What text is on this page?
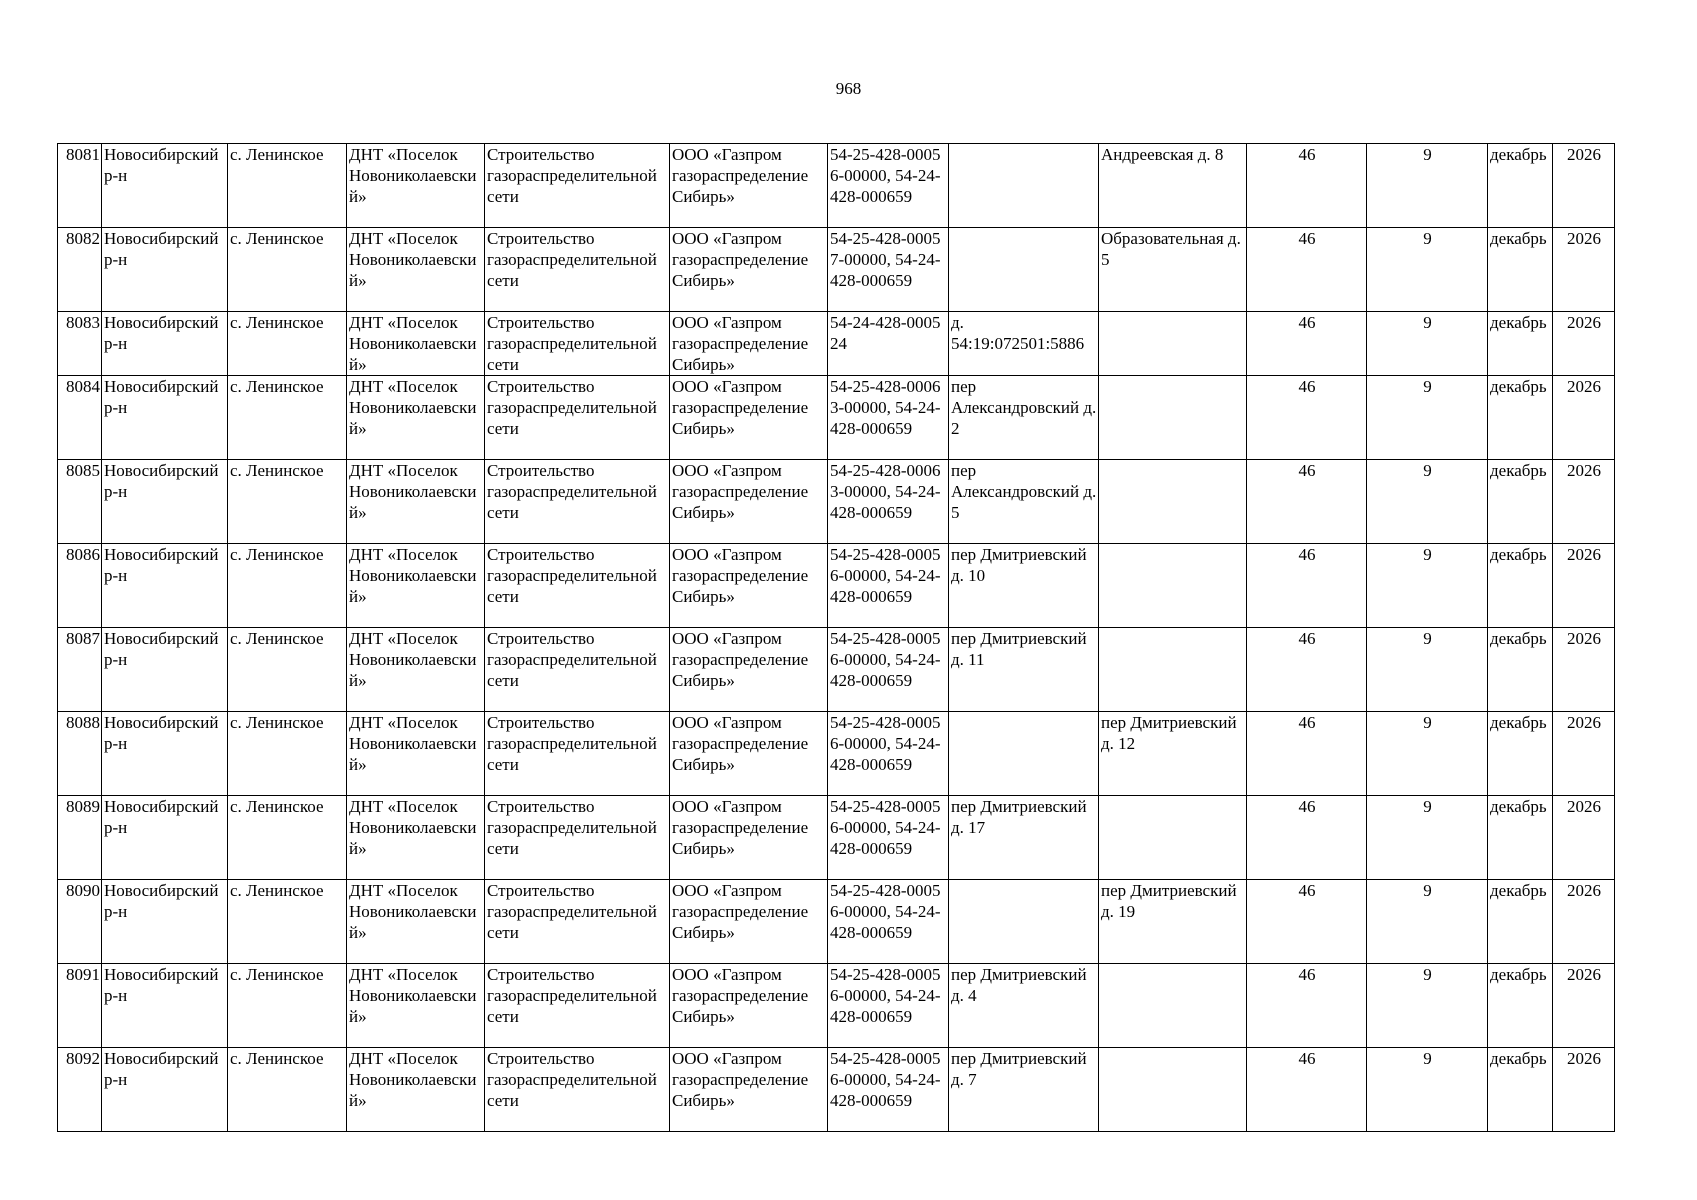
968
8081	Новосибирский р-н	с. Ленинское	ДНТ «Поселок Новониколаевский»	Строительство газораспределительной сети	ООО «Газпром газораспределение Сибирь»	54-25-428-00056-00000, 54-24-428-000659		Андреевская д. 8	46	9	декабрь	2026
8082	Новосибирский р-н	с. Ленинское	ДНТ «Поселок Новониколаевский»	Строительство газораспределительной сети	ООО «Газпром газораспределение Сибирь»	54-25-428-00057-00000, 54-24-428-000659		Образовательная д. 5	46	9	декабрь	2026
8083	Новосибирский р-н	с. Ленинское	ДНТ «Поселок Новониколаевский»	Строительство газораспределительной сети	ООО «Газпром газораспределение Сибирь»	54-24-428-000524	д. 54:19:072501:5886		46	9	декабрь	2026
8084	Новосибирский р-н	с. Ленинское	ДНТ «Поселок Новониколаевский»	Строительство газораспределительной сети	ООО «Газпром газораспределение Сибирь»	54-25-428-00063-00000, 54-24-428-000659	пер Александровский д. 2		46	9	декабрь	2026
8085	Новосибирский р-н	с. Ленинское	ДНТ «Поселок Новониколаевский»	Строительство газораспределительной сети	ООО «Газпром газораспределение Сибирь»	54-25-428-00063-00000, 54-24-428-000659	пер Александровский д. 5		46	9	декабрь	2026
8086	Новосибирский р-н	с. Ленинское	ДНТ «Поселок Новониколаевский»	Строительство газораспределительной сети	ООО «Газпром газораспределение Сибирь»	54-25-428-00056-00000, 54-24-428-000659	пер Дмитриевский д. 10		46	9	декабрь	2026
8087	Новосибирский р-н	с. Ленинское	ДНТ «Поселок Новониколаевский»	Строительство газораспределительной сети	ООО «Газпром газораспределение Сибирь»	54-25-428-00056-00000, 54-24-428-000659	пер Дмитриевский д. 11		46	9	декабрь	2026
8088	Новосибирский р-н	с. Ленинское	ДНТ «Поселок Новониколаевский»	Строительство газораспределительной сети	ООО «Газпром газораспределение Сибирь»	54-25-428-00056-00000, 54-24-428-000659		пер Дмитриевский д. 12	46	9	декабрь	2026
8089	Новосибирский р-н	с. Ленинское	ДНТ «Поселок Новониколаевский»	Строительство газораспределительной сети	ООО «Газпром газораспределение Сибирь»	54-25-428-00056-00000, 54-24-428-000659	пер Дмитриевский д. 17		46	9	декабрь	2026
8090	Новосибирский р-н	с. Ленинское	ДНТ «Поселок Новониколаевский»	Строительство газораспределительной сети	ООО «Газпром газораспределение Сибирь»	54-25-428-00056-00000, 54-24-428-000659		пер Дмитриевский д. 19	46	9	декабрь	2026
8091	Новосибирский р-н	с. Ленинское	ДНТ «Поселок Новониколаевский»	Строительство газораспределительной сети	ООО «Газпром газораспределение Сибирь»	54-25-428-00056-00000, 54-24-428-000659	пер Дмитриевский д. 4		46	9	декабрь	2026
8092	Новосибирский р-н	с. Ленинское	ДНТ «Поселок Новониколаевский»	Строительство газораспределительной сети	ООО «Газпром газораспределение Сибирь»	54-25-428-00056-00000, 54-24-428-000659	пер Дмитриевский д. 7		46	9	декабрь	2026
